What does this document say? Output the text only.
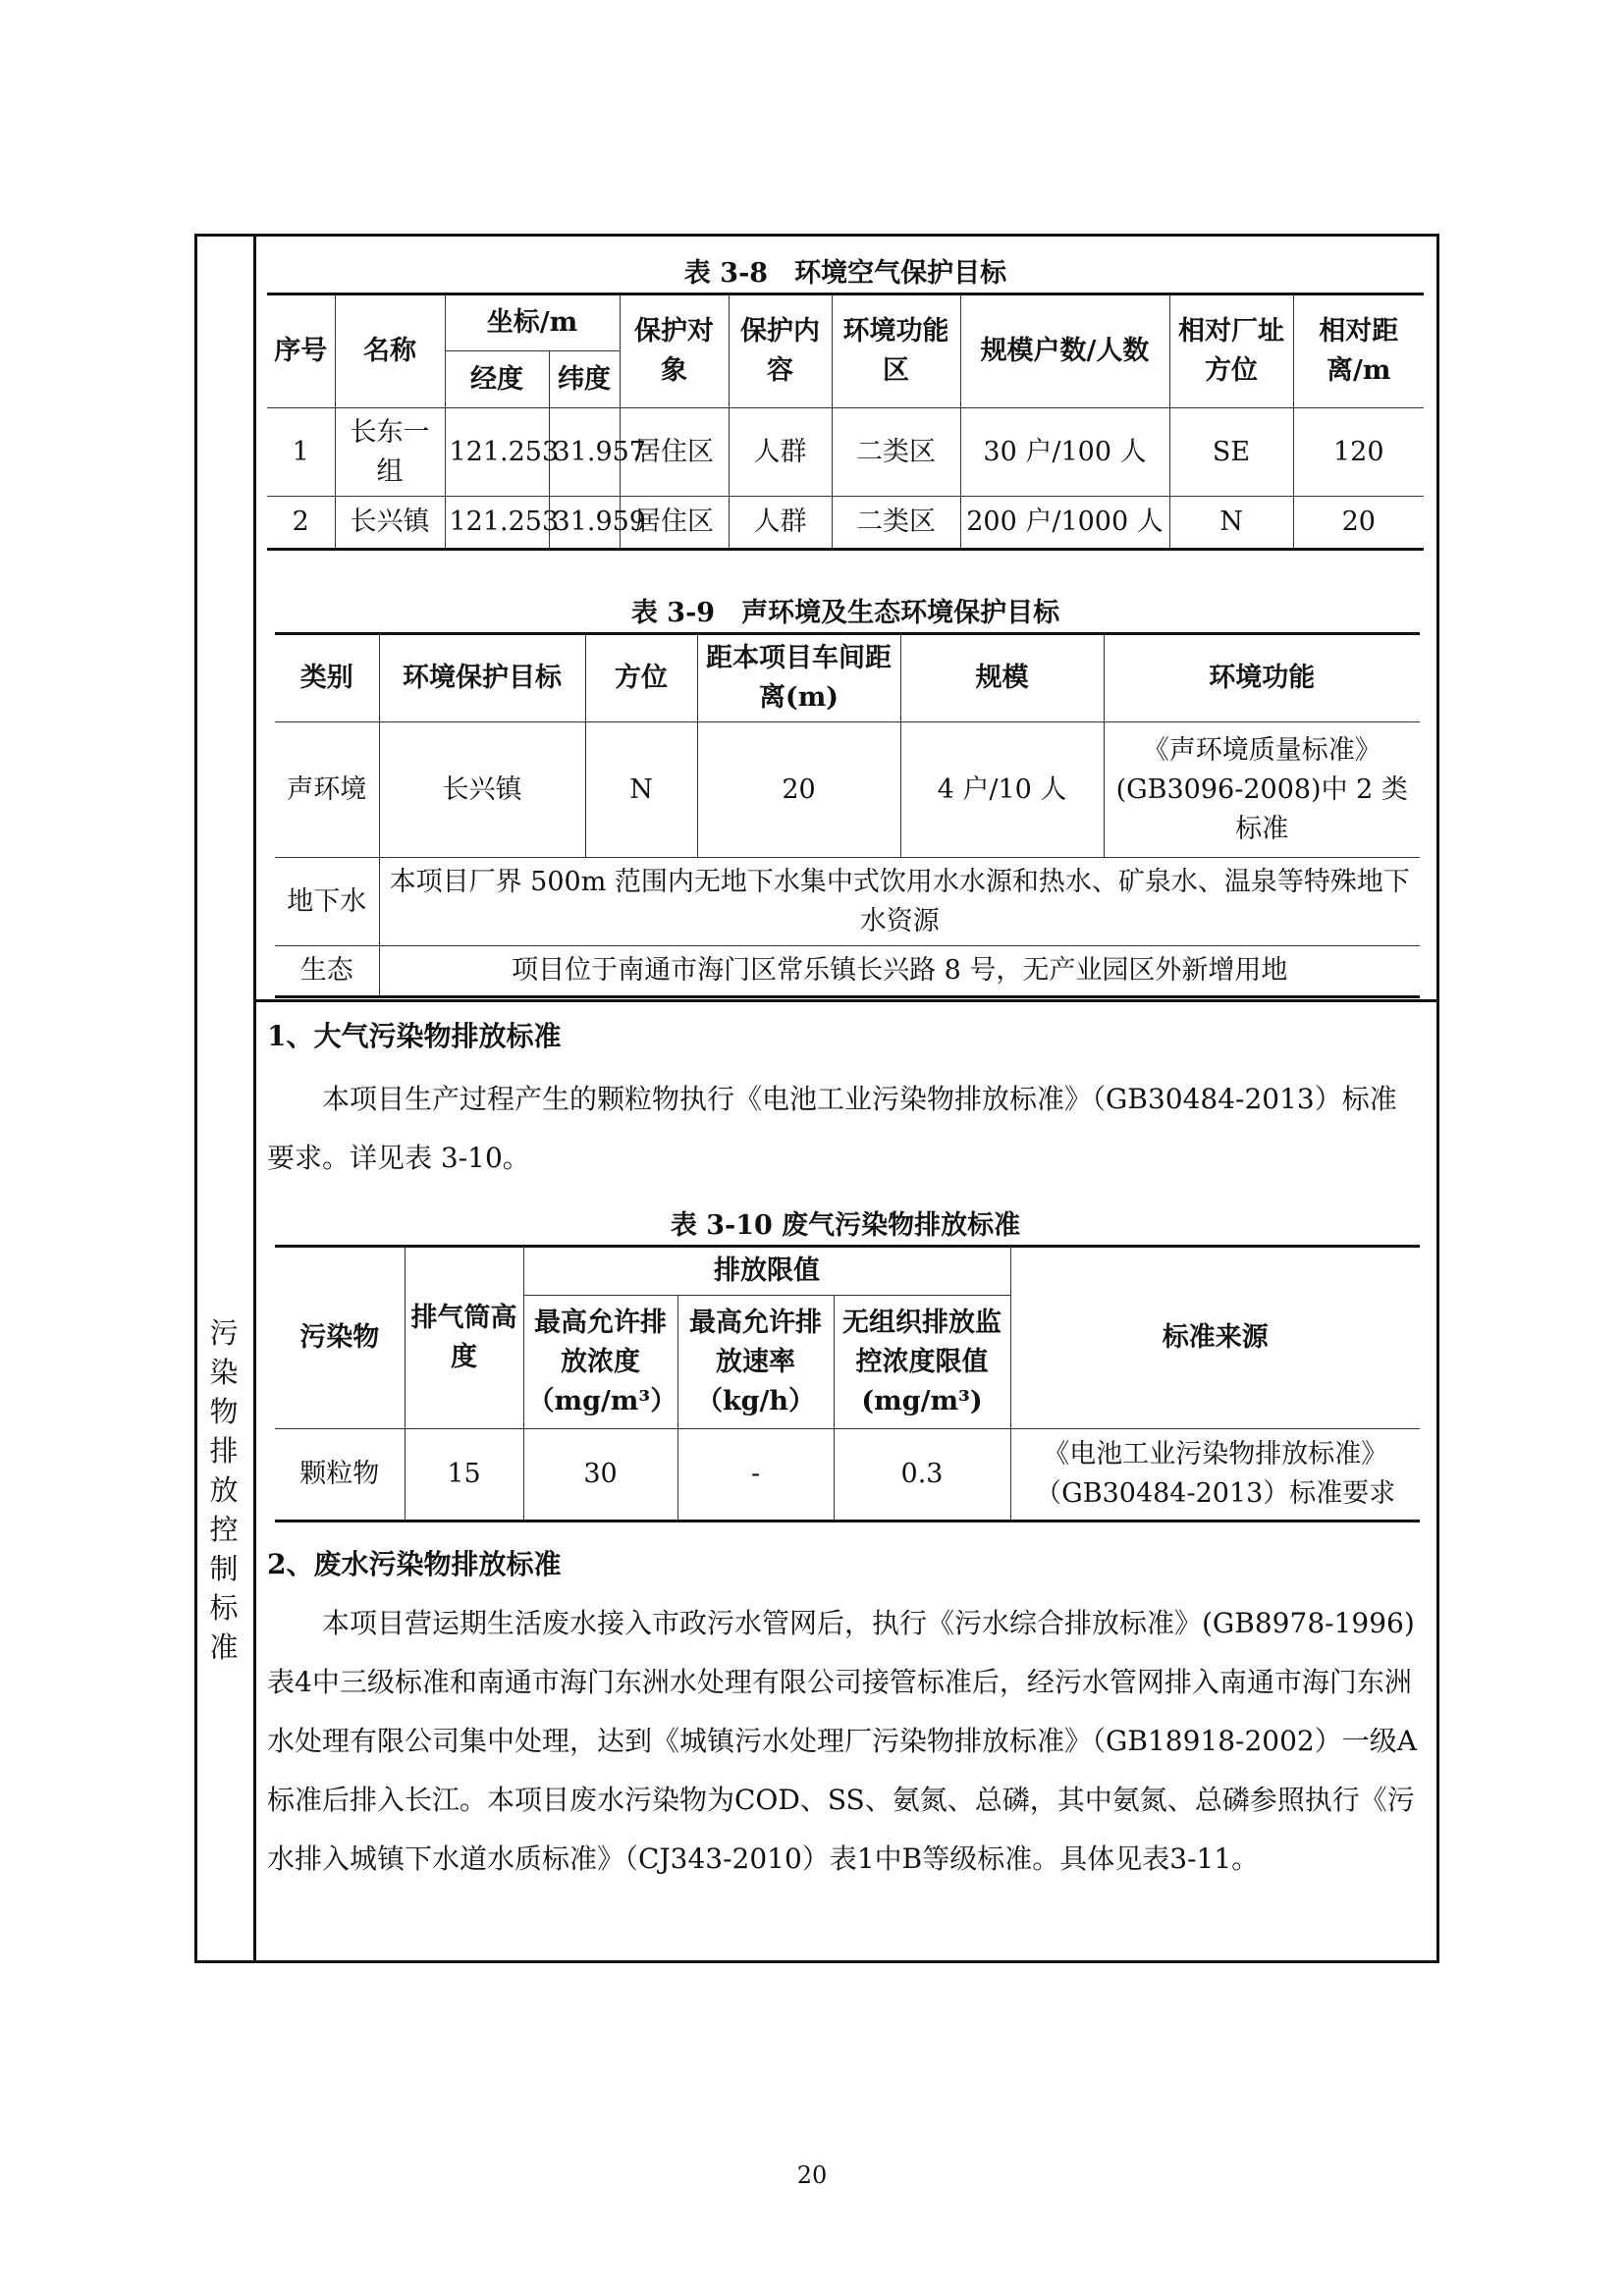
污
染
物
排
放
控
制
标
准
表 3-8　环境空气保护目标
序号	名称	坐标/m		保护对象	保护内容	环境功能区	规模户数/人数	相对厂址方位	相对距离/m
		经度	纬度						
1	长东一组	121.253	31.957	居住区	人群	二类区	30 户/100 人	SE	120
2	长兴镇	121.253	31.959	居住区	人群	二类区	200 户/1000 人	N	20
表 3-9　声环境及生态环境保护目标
类别	环境保护目标	方位	距本项目车间距离(m)	规模	环境功能
声环境	长兴镇	N	20	4 户/10 人	《声环境质量标准》(GB3096-2008)中 2 类标准
地下水	本项目厂界 500m 范围内无地下水集中式饮用水水源和热水、矿泉水、温泉等特殊地下水资源				
生态	项目位于南通市海门区常乐镇长兴路 8 号，无产业园区外新增用地				
1、大气污染物排放标准
本项目生产过程产生的颗粒物执行《电池工业污染物排放标准》（GB30484-2013）标准要求。详见表 3-10。
表 3-10 废气污染物排放标准
污染物	排气筒高度	排放限值			标准来源
		最高允许排放浓度（mg/m³）	最高允许排放速率（kg/h）	无组织排放监控浓度限值(mg/m³)	
颗粒物	15	30	-	0.3	《电池工业污染物排放标准》（GB30484-2013）标准要求
2、废水污染物排放标准
本项目营运期生活废水接入市政污水管网后，执行《污水综合排放标准》(GB8978-1996)表4中三级标准和南通市海门东洲水处理有限公司接管标准后，经污水管网排入南通市海门东洲水处理有限公司集中处理，达到《城镇污水处理厂污染物排放标准》（GB18918-2002）一级A标准后排入长江。本项目废水污染物为COD、SS、氨氮、总磷，其中氨氮、总磷参照执行《污水排入城镇下水道水质标准》（CJ343-2010）表1中B等级标准。具体见表3-11。
20
